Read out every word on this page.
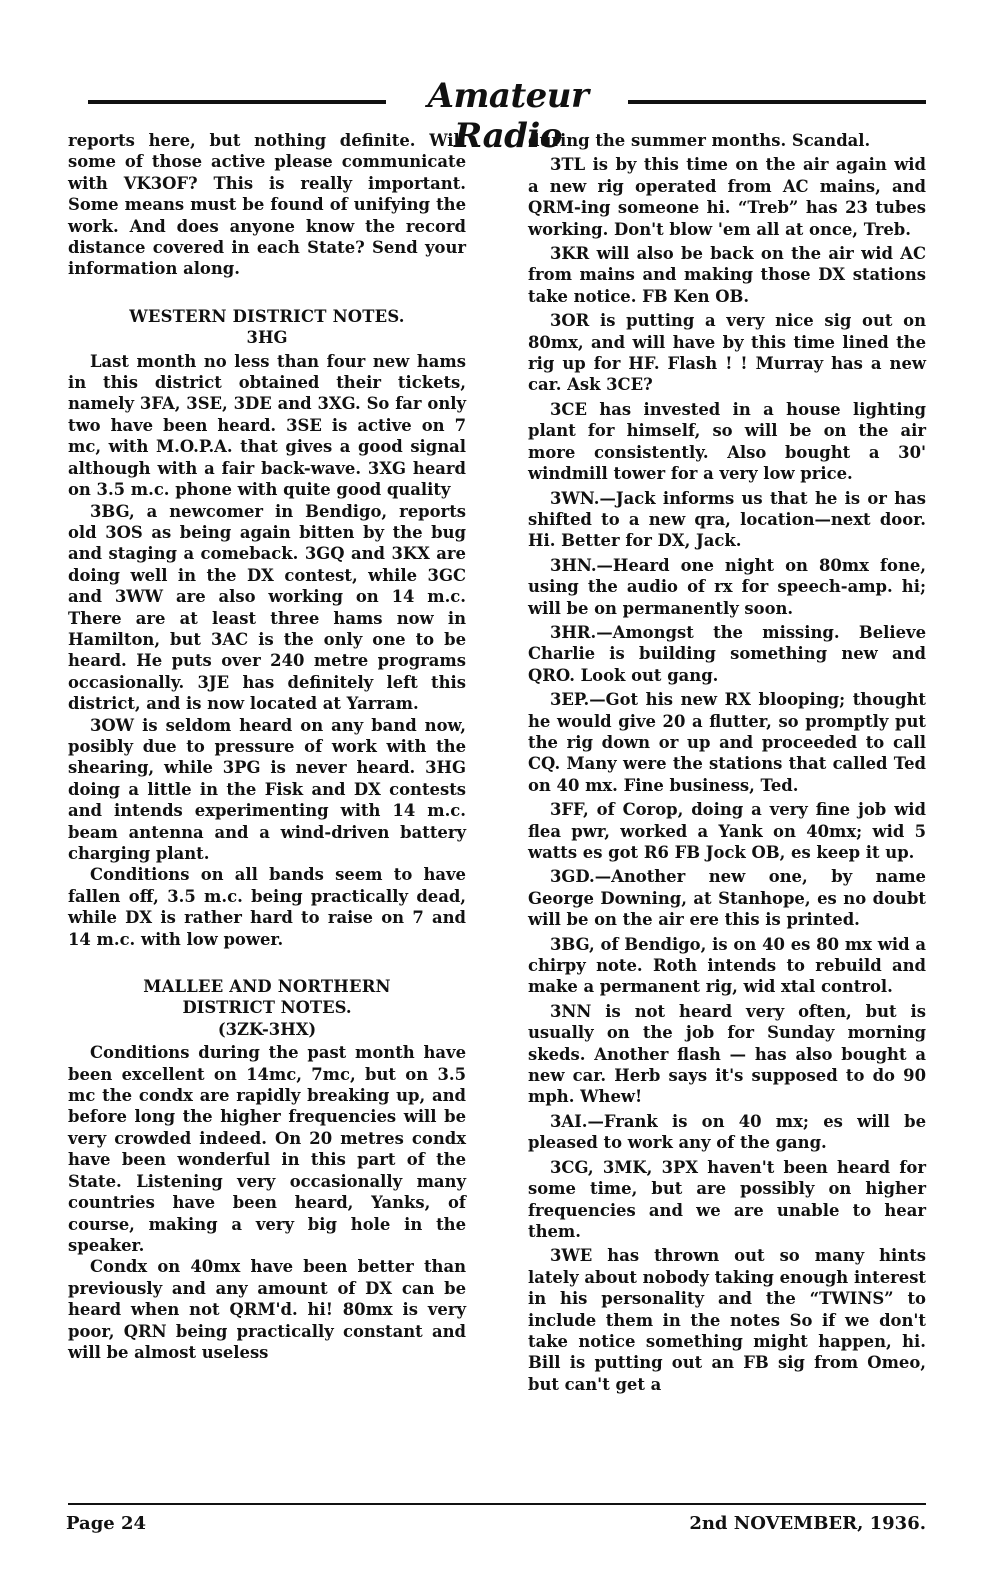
Amateur Radio

reports here, but nothing definite. Will some of those active please communicate with VK3OF? This is really important. Some means must be found of unifying the work. And does anyone know the record distance covered in each State? Send your information along.

WESTERN DISTRICT NOTES.

3HG

Last month no less than four new hams in this district obtained their tickets, namely 3FA, 3SE, 3DE and 3XG. So far only two have been heard. 3SE is active on 7 mc, with M.O.P.A. that gives a good signal although with a fair back-wave. 3XG heard on 3.5 m.c. phone with quite good quality

3BG, a newcomer in Bendigo, reports old 3OS as being again bitten by the bug and staging a comeback. 3GQ and 3KX are doing well in the DX contest, while 3GC and 3WW are also working on 14 m.c. There are at least three hams now in Hamilton, but 3AC is the only one to be heard. He puts over 240 metre programs occasionally. 3JE has definitely left this district, and is now located at Yarram.

3OW is seldom heard on any band now, posibly due to pressure of work with the shearing, while 3PG is never heard. 3HG doing a little in the Fisk and DX contests and intends experimenting with 14 m.c. beam antenna and a wind-driven battery charging plant.

Conditions on all bands seem to have fallen off, 3.5 m.c. being practically dead, while DX is rather hard to raise on 7 and 14 m.c. with low power.

MALLEE AND NORTHERN

DISTRICT NOTES.

(3ZK-3HX)

Conditions during the past month have been excellent on 14mc, 7mc, but on 3.5 mc the condx are rapidly breaking up, and before long the higher frequencies will be very crowded indeed. On 20 metres condx have been wonderful in this part of the State. Listening very occasionally many countries have been heard, Yanks, of course, making a very big hole in the speaker.

Condx on 40mx have been better than previously and any amount of DX can be heard when not QRM'd. hi! 80mx is very poor, QRN being practically constant and will be almost useless

during the summer months. Scandal.

3TL is by this time on the air again wid a new rig operated from AC mains, and QRM-ing someone hi. “Treb” has 23 tubes working. Don't blow 'em all at once, Treb.

3KR will also be back on the air wid AC from mains and making those DX stations take notice. FB Ken OB.

3OR is putting a very nice sig out on 80mx, and will have by this time lined the rig up for HF. Flash ! ! Murray has a new car. Ask 3CE?

3CE has invested in a house lighting plant for himself, so will be on the air more consistently. Also bought a 30' windmill tower for a very low price.

3WN.—Jack informs us that he is or has shifted to a new qra, location—next door. Hi. Better for DX, Jack.

3HN.—Heard one night on 80mx fone, using the audio of rx for speech-amp. hi; will be on permanently soon.

3HR.—Amongst the missing. Believe Charlie is building something new and QRO. Look out gang.

3EP.—Got his new RX blooping; thought he would give 20 a flutter, so promptly put the rig down or up and proceeded to call CQ. Many were the stations that called Ted on 40 mx. Fine business, Ted.

3FF, of Corop, doing a very fine job wid flea pwr, worked a Yank on 40mx; wid 5 watts es got R6 FB Jock OB, es keep it up.

3GD.—Another new one, by name George Downing, at Stanhope, es no doubt will be on the air ere this is printed.

3BG, of Bendigo, is on 40 es 80 mx wid a chirpy note. Roth intends to rebuild and make a permanent rig, wid xtal control.

3NN is not heard very often, but is usually on the job for Sunday morning skeds. Another flash — has also bought a new car. Herb says it's supposed to do 90 mph. Whew!

3AI.—Frank is on 40 mx; es will be pleased to work any of the gang.

3CG, 3MK, 3PX haven't been heard for some time, but are possibly on higher frequencies and we are unable to hear them.

3WE has thrown out so many hints lately about nobody taking enough interest in his personality and the “TWINS” to include them in the notes So if we don't take notice something might happen, hi. Bill is putting out an FB sig from Omeo, but can't get a

Page 24	2nd NOVEMBER, 1936.
